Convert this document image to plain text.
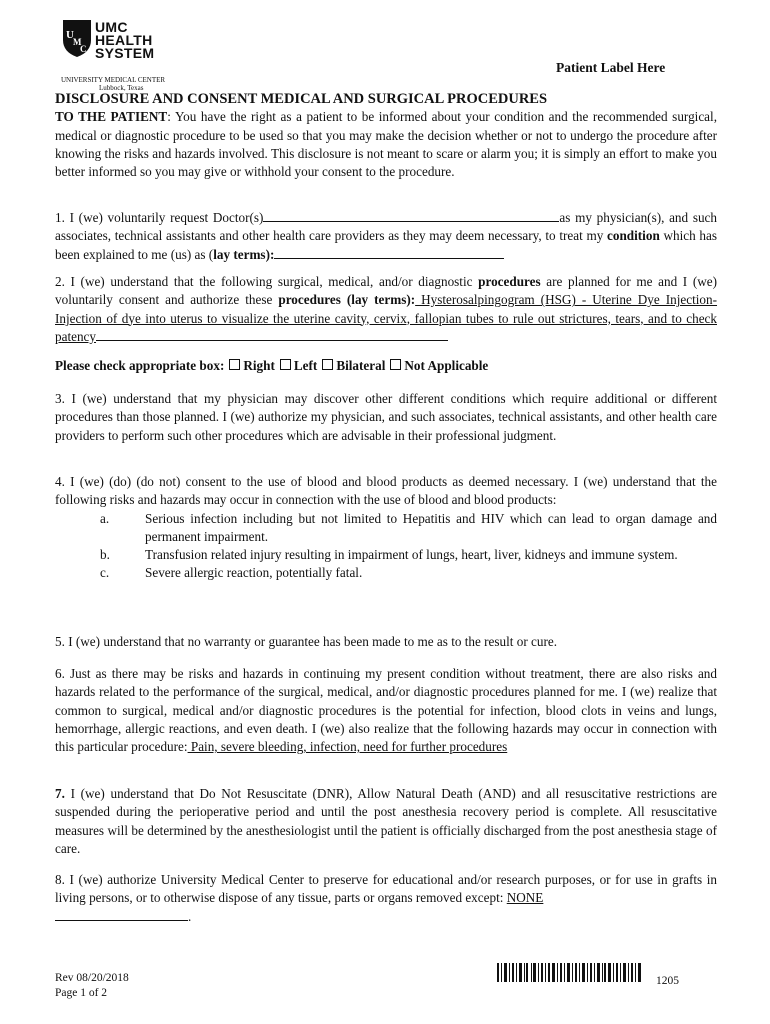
U
M
C
UMC
HEALTH
SYSTEM
UNIVERSITY MEDICAL CENTER
Lubbock, Texas
Patient Label Here
DISCLOSURE AND CONSENT MEDICAL AND SURGICAL PROCEDURES
TO THE PATIENT: You have the right as a patient to be informed about your condition and the recommended surgical, medical or diagnostic procedure to be used so that you may make the decision whether or not to undergo the procedure after knowing the risks and hazards involved. This disclosure is not meant to scare or alarm you; it is simply an effort to make you better informed so you may give or withhold your consent to the procedure.
1. I (we) voluntarily request Doctor(s)	as my physician(s), and such associates, technical assistants and other health care providers as they may deem necessary, to treat my condition which has been explained to me (us) as (lay terms):
2. I (we) understand that the following surgical, medical, and/or diagnostic procedures are planned for me and I (we) voluntarily consent and authorize these procedures (lay terms): Hysterosalpingogram (HSG) - Uterine Dye Injection-Injection of dye into uterus to visualize the uterine cavity, cervix, fallopian tubes to rule out strictures, tears, and to check patency
Please check appropriate box: Right Left Bilateral Not Applicable
3. I (we) understand that my physician may discover other different conditions which require additional or different procedures than those planned. I (we) authorize my physician, and such associates, technical assistants, and other health care providers to perform such other procedures which are advisable in their professional judgment.
4. I (we) (do) (do not) consent to the use of blood and blood products as deemed necessary. I (we) understand that the following risks and hazards may occur in connection with the use of blood and blood products:
a.	Serious infection including but not limited to Hepatitis and HIV which can lead to organ damage and permanent impairment.
b.	Transfusion related injury resulting in impairment of lungs, heart, liver, kidneys and immune system.
c.	Severe allergic reaction, potentially fatal.
5. I (we) understand that no warranty or guarantee has been made to me as to the result or cure.
6. Just as there may be risks and hazards in continuing my present condition without treatment, there are also risks and hazards related to the performance of the surgical, medical, and/or diagnostic procedures planned for me. I (we) realize that common to surgical, medical and/or diagnostic procedures is the potential for infection, blood clots in veins and lungs, hemorrhage, allergic reactions, and even death. I (we) also realize that the following hazards may occur in connection with this particular procedure: Pain, severe bleeding, infection, need for further procedures
7. I (we) understand that Do Not Resuscitate (DNR), Allow Natural Death (AND) and all resuscitative restrictions are suspended during the perioperative period and until the post anesthesia recovery period is complete. All resuscitative measures will be determined by the anesthesiologist until the patient is officially discharged from the post anesthesia stage of care.
8. I (we) authorize University Medical Center to preserve for educational and/or research purposes, or for use in grafts in living persons, or to otherwise dispose of any tissue, parts or organs removed except: NONE
.
Rev 08/20/2018
Page 1 of 2
1205
